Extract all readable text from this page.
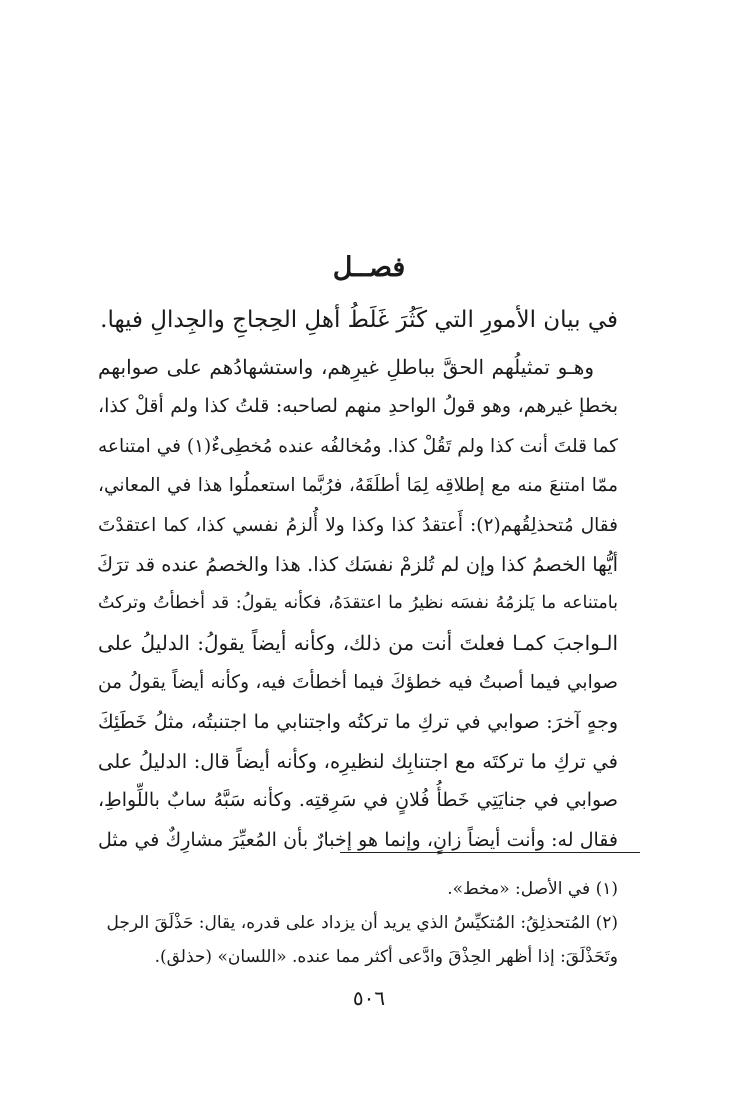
فصــل
في بيان الأمورِ التي كَثُرَ غَلَطُ أهلِ الحِجاجِ والجِدالِ فيها.
وهـو تمثيلُهم الحقَّ بباطلِ غيرِهم، واستشهادُهم على صوابهم
بخطإ غيرهم، وهو قولُ الواحدِ منهم لصاحبه: قلتُ كذا ولم أقلْ كذا،
كما قلتَ أنت كذا ولم تَقُلْ كذا. ومُخالفُه عنده مُخطِىءٌ(١) في امتناعه
ممّا امتنعَ منه مع إطلاقِه لِمَا أطلَقَهُ، فرُبَّما استعملُوا هذا في المعاني،
فقال مُتحذلِقُهم(٢): أَعتقدُ كذا وكذا ولا أُلزمُ نفسي كذا، كما اعتقدْتَ
أيُّها الخصمُ كذا وإن لم تُلزمْ نفسَك كذا. هذا والخصمُ عنده قد ترَكَ
بامتناعه ما يَلزمُهُ نفسَه نظيرُ ما اعتقدَهُ، فكأنه يقولُ: قد أخطأتُ وتركتُ
الـواجبَ كمـا فعلتَ أنت من ذلك، وكأنه أيضاً يقولُ: الدليلُ على
صوابي فيما أصبتُ فيه خطؤكَ فيما أخطأتَ فيه، وكأنه أيضاً يقولُ من
وجهٍ آخرَ: صوابي في تركِ ما تركتُه واجتنابي ما اجتنبتُه، مثلُ خَطَئِكَ
في تركِ ما تركتَه مع اجتنابِك لنظيرِه، وكأنه أيضاً قال: الدليلُ على
صوابي في جنايَتِي خَطأُ فُلانٍ في سَرِقتِه. وكأنه سَبَّهُ سابٌ باللِّواطِ،
فقال له: وأنت أيضاً زانٍ، وإنما هو إخبارٌ بأن المُعيِّرَ مشارِكٌ في مثل
(١) في الأصل: «مخط».
(٢) المُتحذلِقُ: المُتكيِّسُ الذي يريد أن يزداد على قدره، يقال: حَذْلَقَ الرجل
وتَحَذْلَقَ: إذا أظهر الحِذْقَ وادَّعى أكثر مما عنده. «اللسان» (حذلق).
٥٠٦
